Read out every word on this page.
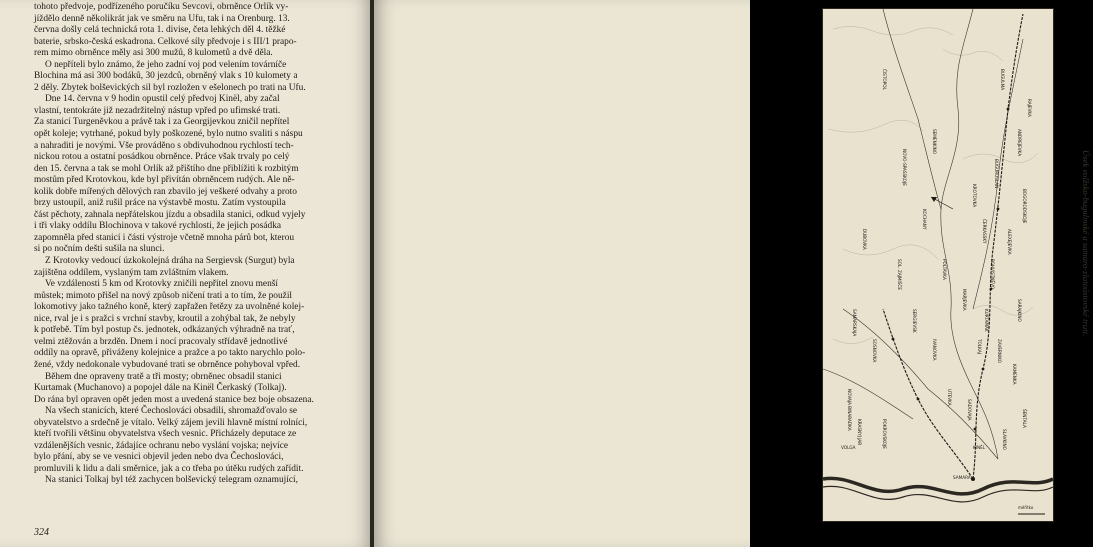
tohoto předvoje, podřízeného poručíku Sevcovi, obrněnce Orlík vy-

jíždělo denně několikrát jak ve směru na Ufu, tak i na Orenburg. 13.

června došly celá technická rota 1. divise, četa lehkých děl 4. těžké

baterie, srbsko-česká eskadrona. Celkové síly předvoje i s III/1 prapo-

rem mimo obrněnce měly asi 300 mužů, 8 kulometů a dvě děla.

O nepříteli bylo známo, že jeho zadní voj pod velením továrníče

Blochina má asi 300 bodáků, 30 jezdců, obrněný vlak s 10 kulomety a

2 děly. Zbytek bolševických sil byl rozložen v ešelonech po trati na Ufu.

Dne 14. června v 9 hodin opustil celý předvoj Kinël, aby začal

vlastní, tentokráte již nezadržitelný nástup vpřed po ufimské trati.

Za stanicí Turgeněvkou a právě tak i za Georgijevkou zničil nepřítel

opět koleje; vytrhané, pokud byly poškozené, bylo nutno svaliti s náspu

a nahraditi je novými. Vše prováděno s obdivuhodnou rychlostí tech-

nickou rotou a ostatní posádkou obrněnce. Práce však trvaly po celý

den 15. června a tak se mohl Orlík až přištího dne přiblížiti k rozbitým

mostům před Krotovkou, kde byl přivítán obrněncem rudých. Ale ně-

kolik dobře mířených dělových ran zbavilo jej veškeré odvahy a proto

brzy ustoupil, aniž rušil práce na výstavbě mostu. Zatím vystoupila

část pěchoty, zahnala nepřátelskou jízdu a obsadila stanici, odkud vyjely

i tři vlaky oddílu Blochinova v takové rychlosti, že jejich posádka

zapomněla před stanicí i části výstroje včetně mnoha párů bot, kterou

si po nočním dešti sušila na slunci.

Z Krotovky vedoucí úzkokolejná dráha na Sergievsk (Surgut) byla

zajištěna oddílem, vyslaným tam zvláštním vlakem.

Ve vzdálenosti 5 km od Krotovky zničili nepřítel znovu menší

můstek; mimoto přišel na nový způsob ničení trati a to tím, že použil

lokomotivy jako tažného koně, který zapřažen řetězy za uvolněné kolej-

nice, rval je i s pražci s vrchní stavby, kroutil a zohýbal tak, že nebyly

k potřebě. Tím byl postup čs. jednotek, odkázaných výhradně na trať,

velmi ztěžován a brzděn. Dnem i nocí pracovaly střídavě jednotlivé

oddíly na opravě, přiváženy kolejnice a pražce a po takto narychlo polo-

žené, vždy nedokonale vybudované trati se obrněnce pohyboval vpřed.

Během dne opraveny tratě a tři mosty; obrněnec obsadil stanici

Kurtamak (Muchanovo) a popojel dále na Kinël Čerkaský (Tolkaj).

Do rána byl opraven opět jeden most a uvedená stanice bez boje obsazena.

Na všech stanicích, které Čechoslováci obsadili, shromažďovalo se

obyvatelstvo a srdečně je vítalo. Velký zájem jevili hlavně místní rolníci,

kteří tvořili většinu obyvatelstva všech vesnic. Přicházely deputace ze

vzdálenějších vesnic, žádajíce ochranu nebo vyslání vojska; nejvíce

bylo přání, aby se ve vesnici objevil jeden nebo dva Čechoslováci,

promluvili k lidu a dali směrnice, jak a co třeba po útěku rudých zařídit.

Na stanici Tolkaj byl též zachycen bolševický telegram oznamující,

324
BUGULMA
BUGURUSLAN
ČERKASSKY
POLTAVKA
SAMARA
KINĚL
KROTOVKA
TOLKAJ
KURTAMAK
SEMENKINO
SERGIEVSK
POHVISTNĚVO
ZAVERNIKO
KAMENKA
ČISTOPOL
NOVO-SPASSKOJE
ANDREJEVKA
BOGORODSKOJE
DUBOVKA
SOSNOVKA
ALEXEJEVKA
RAJEVKA
SAMARSKAJA
POKROVSKOJE
IVANOVKA
VOLGA
KRASNYJ JAR
UTEVKA
MARJEVKA
KOCHANY
SOL. ZAJMIŠČE
SLAVKINO
ŠENTALA
SADOVAJA
NOVAJA BINARADKA
SARAJKINO
měřítko
Úsek volžsko-bugulmské a samaro-zlatoústovské trati.
